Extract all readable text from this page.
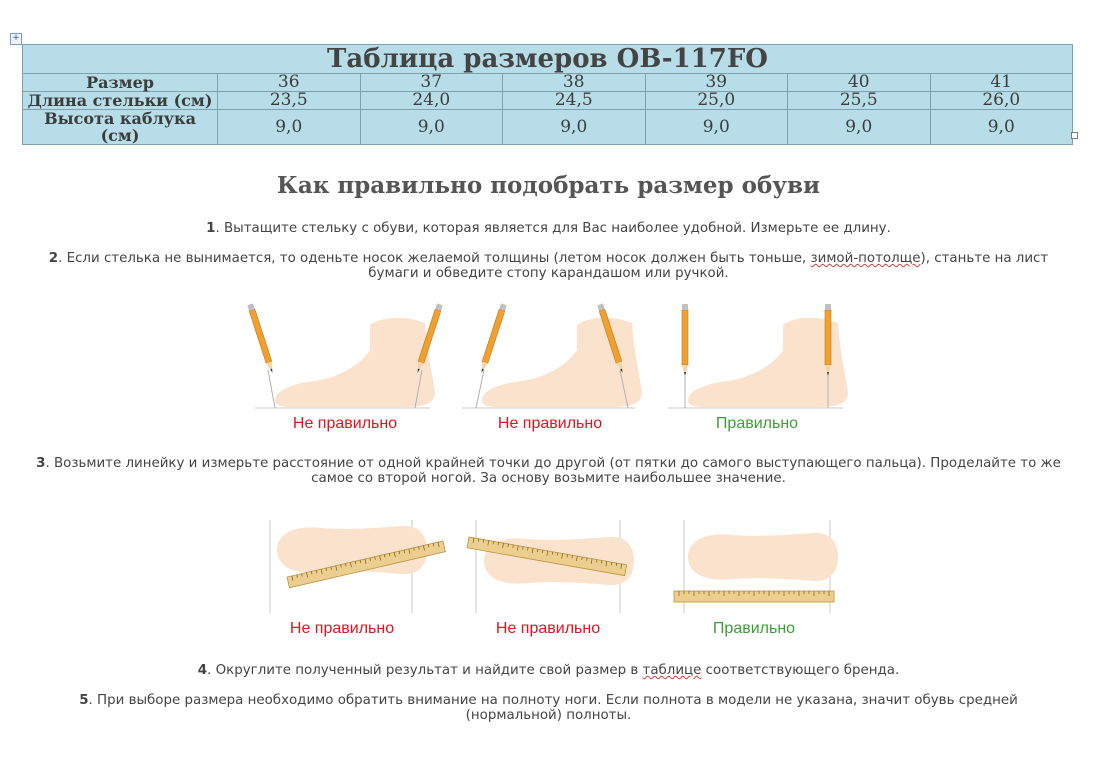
+
Таблица размеров OB-117FO						
Размер	36	37	38	39	40	41
Длина стельки (см)	23,5	24,0	24,5	25,0	25,5	26,0
Высота каблука (см)	9,0	9,0	9,0	9,0	9,0	9,0
Как правильно подобрать размер обуви
1. Вытащите стельку с обуви, которая является для Вас наиболее удобной. Измерьте ее длину.
2. Если стелька не вынимается, то оденьте носок желаемой толщины (летом носок должен быть тоньше, зимой-потолще), станьте на лист бумаги и обведите стопу карандашом или ручкой.
Не правильно	Не правильно	Правильно
3. Возьмите линейку и измерьте расстояние от одной крайней точки до другой (от пятки до самого выступающего пальца). Проделайте то же самое со второй ногой. За основу возьмите наибольшее значение.
Не правильно	Не правильно	Правильно
4. Округлите полученный результат и найдите свой размер в таблице соответствующего бренда.
5. При выборе размера необходимо обратить внимание на полноту ноги. Если полнота в модели не указана, значит обувь средней (нормальной) полноты.
